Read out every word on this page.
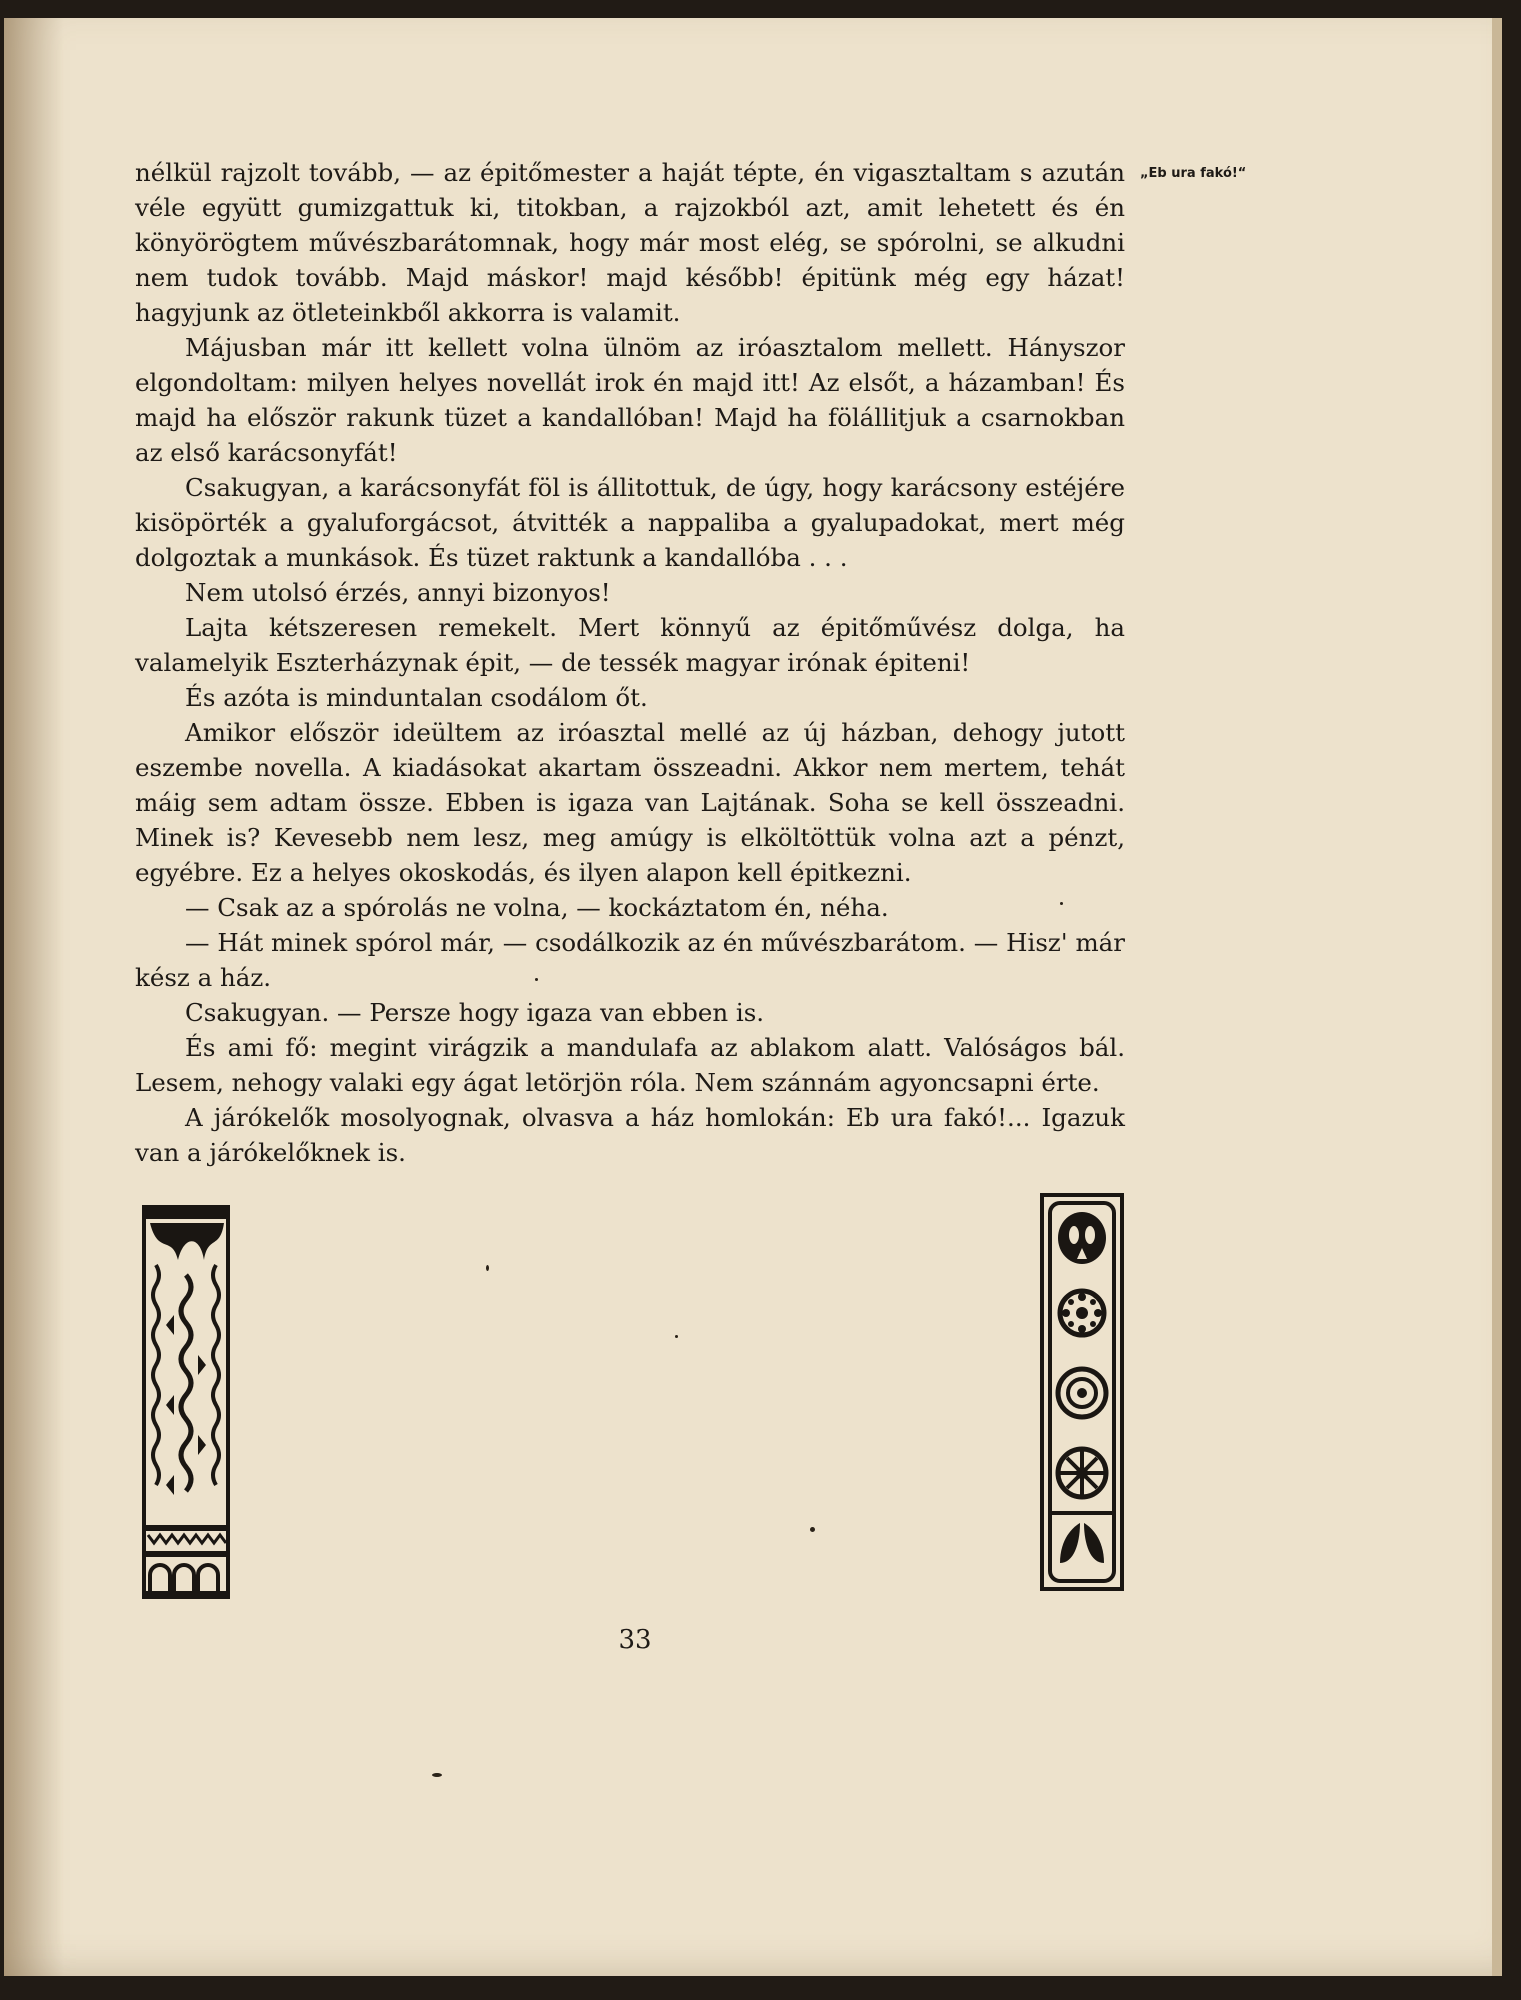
„Eb ura fakó!“

nélkül rajzolt tovább, — az épitőmester a haját tépte, én vigasztaltam s azután véle együtt gumizgattuk ki, titokban, a rajzokból azt, amit lehetett és én könyörögtem művészbarátomnak, hogy már most elég, se spórolni, se alkudni nem tudok tovább. Majd máskor! majd később! épitünk még egy házat! hagyjunk az ötleteinkből akkorra is valamit.

Májusban már itt kellett volna ülnöm az iróasztalom mellett. Hányszor elgondoltam: milyen helyes novellát irok én majd itt! Az elsőt, a házamban! És majd ha először rakunk tüzet a kandallóban! Majd ha fölállitjuk a csarnokban az első karácsonyfát!

Csakugyan, a karácsonyfát föl is állitottuk, de úgy, hogy karácsony estéjére kisöpörték a gyaluforgácsot, átvitték a nappaliba a gyalupadokat, mert még dolgoztak a munkások. És tüzet raktunk a kandallóba . . .

Nem utolsó érzés, annyi bizonyos!

Lajta kétszeresen remekelt. Mert könnyű az épitőművész dolga, ha valamelyik Eszterházynak épit, — de tessék magyar irónak épiteni!

És azóta is minduntalan csodálom őt.

Amikor először ideültem az iróasztal mellé az új házban, dehogy jutott eszembe novella. A kiadásokat akartam összeadni. Akkor nem mertem, tehát máig sem adtam össze. Ebben is igaza van Lajtának. Soha se kell összeadni. Minek is? Kevesebb nem lesz, meg amúgy is elköltöttük volna azt a pénzt, egyébre. Ez a helyes okoskodás, és ilyen alapon kell épitkezni.

— Csak az a spórolás ne volna, — kockáztatom én, néha.

— Hát minek spórol már, — csodálkozik az én művészbarátom. — Hisz' már kész a ház.

Csakugyan. — Persze hogy igaza van ebben is.

És ami fő: megint virágzik a mandulafa az ablakom alatt. Valóságos bál. Lesem, nehogy valaki egy ágat letörjön róla. Nem szánnám agyoncsapni érte.

A járókelők mosolyognak, olvasva a ház homlokán: Eb ura fakó!... Igazuk van a járókelőknek is.

33
